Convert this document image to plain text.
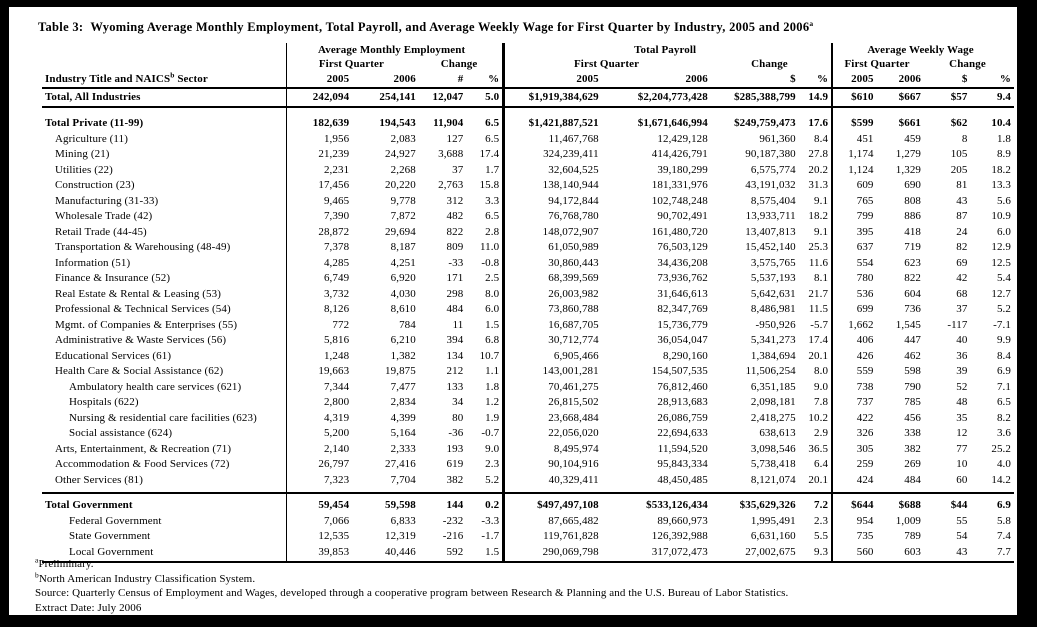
Table 3: Wyoming Average Monthly Employment, Total Payroll, and Average Weekly Wage for First Quarter by Industry, 2005 and 2006$^a$
	Average Monthly Employment				Total Payroll				Average Weekly Wage			
	First Quarter		Change		First Quarter		Change		First Quarter		Change	
Industry Title and NAICS$^b$ Sector	2005	2006	#	%	2005	2006	$	%	2005	2006	$	%
Total, All Industries	242,094	254,141	12,047	5.0	$1,919,384,629	$2,204,773,428	$285,388,799	14.9	$610	$667	$57	9.4

Total Private (11-99)	182,639	194,543	11,904	6.5	$1,421,887,521	$1,671,646,994	$249,759,473	17.6	$599	$661	$62	10.4
Agriculture (11)	1,956	2,083	127	6.5	11,467,768	12,429,128	961,360	8.4	451	459	8	1.8
Mining (21)	21,239	24,927	3,688	17.4	324,239,411	414,426,791	90,187,380	27.8	1,174	1,279	105	8.9
Utilities (22)	2,231	2,268	37	1.7	32,604,525	39,180,299	6,575,774	20.2	1,124	1,329	205	18.2
Construction (23)	17,456	20,220	2,763	15.8	138,140,944	181,331,976	43,191,032	31.3	609	690	81	13.3
Manufacturing (31-33)	9,465	9,778	312	3.3	94,172,844	102,748,248	8,575,404	9.1	765	808	43	5.6
Wholesale Trade (42)	7,390	7,872	482	6.5	76,768,780	90,702,491	13,933,711	18.2	799	886	87	10.9
Retail Trade (44-45)	28,872	29,694	822	2.8	148,072,907	161,480,720	13,407,813	9.1	395	418	24	6.0
Transportation & Warehousing (48-49)	7,378	8,187	809	11.0	61,050,989	76,503,129	15,452,140	25.3	637	719	82	12.9
Information (51)	4,285	4,251	-33	-0.8	30,860,443	34,436,208	3,575,765	11.6	554	623	69	12.5
Finance & Insurance (52)	6,749	6,920	171	2.5	68,399,569	73,936,762	5,537,193	8.1	780	822	42	5.4
Real Estate & Rental & Leasing (53)	3,732	4,030	298	8.0	26,003,982	31,646,613	5,642,631	21.7	536	604	68	12.7
Professional & Technical Services (54)	8,126	8,610	484	6.0	73,860,788	82,347,769	8,486,981	11.5	699	736	37	5.2
Mgmt. of Companies & Enterprises (55)	772	784	11	1.5	16,687,705	15,736,779	-950,926	-5.7	1,662	1,545	-117	-7.1
Administrative & Waste Services (56)	5,816	6,210	394	6.8	30,712,774	36,054,047	5,341,273	17.4	406	447	40	9.9
Educational Services (61)	1,248	1,382	134	10.7	6,905,466	8,290,160	1,384,694	20.1	426	462	36	8.4
Health Care & Social Assistance (62)	19,663	19,875	212	1.1	143,001,281	154,507,535	11,506,254	8.0	559	598	39	6.9
Ambulatory health care services (621)	7,344	7,477	133	1.8	70,461,275	76,812,460	6,351,185	9.0	738	790	52	7.1
Hospitals (622)	2,800	2,834	34	1.2	26,815,502	28,913,683	2,098,181	7.8	737	785	48	6.5
Nursing & residential care facilities (623)	4,319	4,399	80	1.9	23,668,484	26,086,759	2,418,275	10.2	422	456	35	8.2
Social assistance (624)	5,200	5,164	-36	-0.7	22,056,020	22,694,633	638,613	2.9	326	338	12	3.6
Arts, Entertainment, & Recreation (71)	2,140	2,333	193	9.0	8,495,974	11,594,520	3,098,546	36.5	305	382	77	25.2
Accommodation & Food Services (72)	26,797	27,416	619	2.3	90,104,916	95,843,334	5,738,418	6.4	259	269	10	4.0
Other Services (81)	7,323	7,704	382	5.2	40,329,411	48,450,485	8,121,074	20.1	424	484	60	14.2

Total Government	59,454	59,598	144	0.2	$497,497,108	$533,126,434	$35,629,326	7.2	$644	$688	$44	6.9
Federal Government	7,066	6,833	-232	-3.3	87,665,482	89,660,973	1,995,491	2.3	954	1,009	55	5.8
State Government	12,535	12,319	-216	-1.7	119,761,828	126,392,988	6,631,160	5.5	735	789	54	7.4
Local Government	39,853	40,446	592	1.5	290,069,798	317,072,473	27,002,675	9.3	560	603	43	7.7
$^a$Preliminary.
$^b$North American Industry Classification System.
Source: Quarterly Census of Employment and Wages, developed through a cooperative program between Research & Planning and the U.S. Bureau of Labor Statistics.
Extract Date: July 2006
